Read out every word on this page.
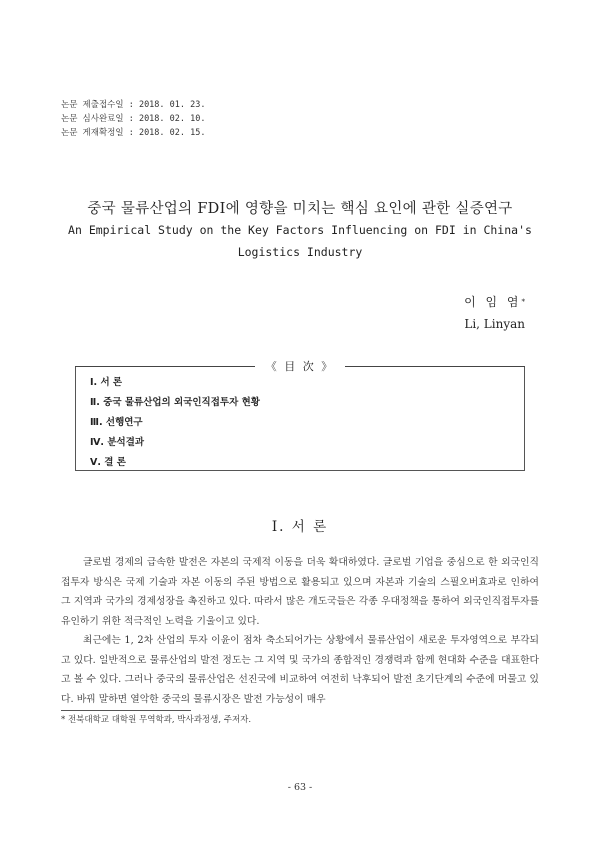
논문 제출접수일 : 2018. 01. 23.
논문 심사완료일 : 2018. 02. 10.
논문 게재확정일 : 2018. 02. 15.
중국 물류산업의 FDI에 영향을 미치는 핵심 요인에 관한 실증연구
An Empirical Study on the Key Factors Influencing on FDI in China's
Logistics Industry
이 임 염*
Li, Linyan
《 目 次 》
Ⅰ. 서 론
Ⅱ. 중국 물류산업의 외국인직접투자 현황
Ⅲ. 선행연구
Ⅳ. 분석결과
Ⅴ. 결 론
Ⅰ. 서 론

글로벌 경제의 급속한 발전은 자본의 국제적 이동을 더욱 확대하였다. 글로벌 기업을 중심으로 한 외국인직접투자 방식은 국제 기술과 자본 이동의 주된 방법으로 활용되고 있으며 자본과 기술의 스필오버효과로 인하여 그 지역과 국가의 경제성장을 촉진하고 있다. 따라서 많은 개도국들은 각종 우대정책을 통하여 외국인직접투자를 유인하기 위한 적극적인 노력을 기울이고 있다.

최근에는 1, 2차 산업의 투자 이윤이 점차 축소되어가는 상황에서 물류산업이 새로운 투자영역으로 부각되고 있다. 일반적으로 물류산업의 발전 정도는 그 지역 및 국가의 종합적인 경쟁력과 함께 현대화 수준을 대표한다고 볼 수 있다. 그러나 중국의 물류산업은 선진국에 비교하여 여전히 낙후되어 발전 초기단계의 수준에 머물고 있다. 바꿔 말하면 열악한 중국의 물류시장은 발전 가능성이 매우

* 전북대학교 대학원 무역학과, 박사과정생, 주저자.
- 63 -
